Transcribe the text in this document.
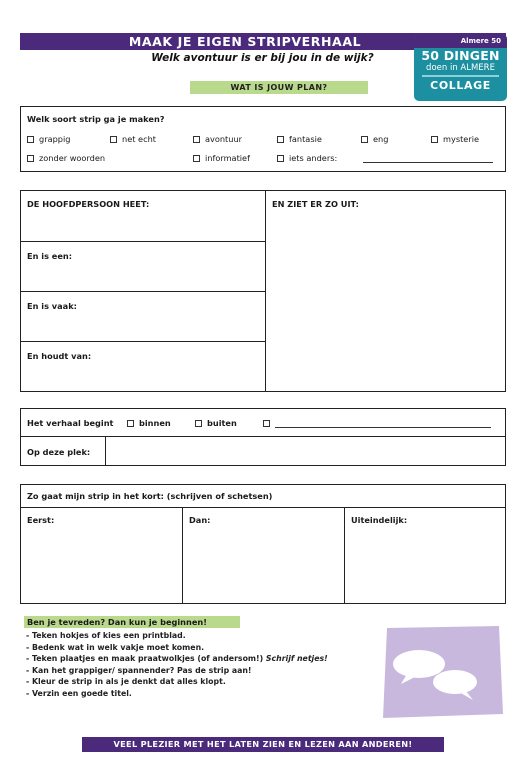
MAAK JE EIGEN STRIPVERHAAL
Welk avontuur is er bij jou in de wijk?
WAT IS JOUW PLAN?
Almere 50
50 DINGEN
doen in ALMERE
COLLAGE
Welk soort strip ga je maken?
grappig	net echt	avontuur	fantasie	eng	mysterie
zonder woorden	informatief	iets anders:
DE HOOFDPERSOON HEET:	EN ZIET ER ZO UIT:
En is een:
En is vaak:
En houdt van:
Het verhaal begint	binnen	buiten
Op deze plek:
Zo gaat mijn strip in het kort: (schrijven of schetsen)
Eerst:	Dan:	Uiteindelijk:
Ben je tevreden? Dan kun je beginnen!
- Teken hokjes of kies een printblad.
- Bedenk wat in welk vakje moet komen.
- Teken plaatjes en maak praatwolkjes (of andersom!) Schrijf netjes!
- Kan het grappiger/ spannender? Pas de strip aan!
- Kleur de strip in als je denkt dat alles klopt.
- Verzin een goede titel.
VEEL PLEZIER MET HET LATEN ZIEN EN LEZEN AAN ANDEREN!
